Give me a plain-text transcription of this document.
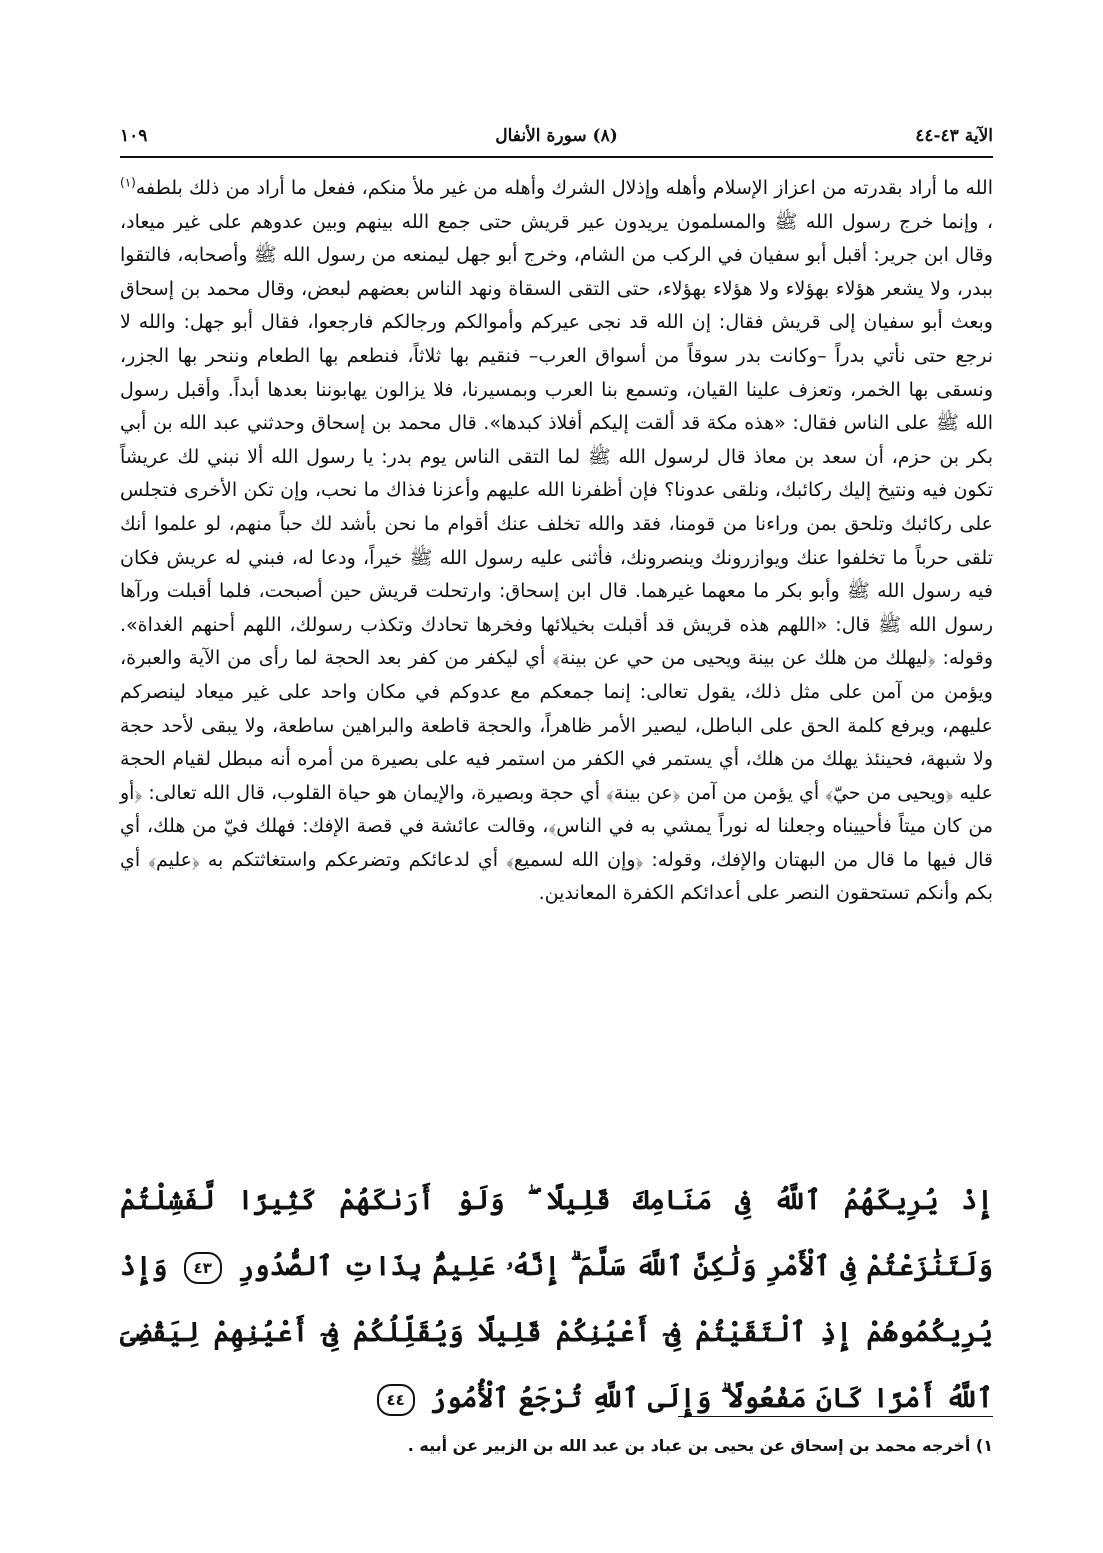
الآية ٤٣-٤٤
(٨) سورة الأنفال
١٠٩

الله ما أراد بقدرته من اعزاز الإسلام وأهله وإذلال الشرك وأهله من غير ملأ منكم، ففعل ما أراد من ذلك بلطفه$^{(١)}$ ، وإنما خرج رسول الله ﷺ والمسلمون يريدون عير قريش حتى جمع الله بينهم وبين عدوهم على غير ميعاد، وقال ابن جرير: أقبل أبو سفيان في الركب من الشام، وخرج أبو جهل ليمنعه من رسول الله ﷺ وأصحابه، فالتقوا ببدر، ولا يشعر هؤلاء بهؤلاء ولا هؤلاء بهؤلاء، حتى التقى السقاة ونهد الناس بعضهم لبعض، وقال محمد بن إسحاق وبعث أبو سفيان إلى قريش فقال: إن الله قد نجى عيركم وأموالكم ورجالكم فارجعوا، فقال أبو جهل: والله لا نرجع حتى نأتي بدراً –وكانت بدر سوقاً من أسواق العرب– فنقيم بها ثلاثاً، فنطعم بها الطعام وننحر بها الجزر، ونسقى بها الخمر، وتعزف علينا القيان، وتسمع بنا العرب وبمسيرنا، فلا يزالون يهابوننا بعدها أبداً. وأقبل رسول الله ﷺ على الناس فقال: «هذه مكة قد ألقت إليكم أفلاذ كبدها». قال محمد بن إسحاق وحدثني عبد الله بن أبي بكر بن حزم، أن سعد بن معاذ قال لرسول الله ﷺ لما التقى الناس يوم بدر: يا رسول الله ألا نبني لك عريشاً تكون فيه ونتيخ إليك ركائبك، ونلقى عدونا؟ فإن أظفرنا الله عليهم وأعزنا فذاك ما نحب، وإن تكن الأخرى فتجلس على ركائبك وتلحق بمن وراءنا من قومنا، فقد والله تخلف عنك أقوام ما نحن بأشد لك حباً منهم، لو علموا أنك تلقى حرباً ما تخلفوا عنك ويوازرونك وينصرونك، فأثنى عليه رسول الله ﷺ خيراً، ودعا له، فبني له عريش فكان فيه رسول الله ﷺ وأبو بكر ما معهما غيرهما. قال ابن إسحاق: وارتحلت قريش حين أصبحت، فلما أقبلت ورآها رسول الله ﷺ قال: «اللهم هذه قريش قد أقبلت بخيلائها وفخرها تحادك وتكذب رسولك، اللهم أحنهم الغداة». وقوله: ﴿ليهلك من هلك عن بينة ويحيى من حي عن بينة﴾ أي ليكفر من كفر بعد الحجة لما رأى من الآية والعبرة، ويؤمن من آمن على مثل ذلك، يقول تعالى: إنما جمعكم مع عدوكم في مكان واحد على غير ميعاد لينصركم عليهم، ويرفع كلمة الحق على الباطل، ليصير الأمر ظاهراً، والحجة قاطعة والبراهين ساطعة، ولا يبقى لأحد حجة ولا شبهة، فحينئذ يهلك من هلك، أي يستمر في الكفر من استمر فيه على بصيرة من أمره أنه مبطل لقيام الحجة عليه ﴿ويحيى من حيّ﴾ أي يؤمن من آمن ﴿عن بينة﴾ أي حجة وبصيرة، والإيمان هو حياة القلوب، قال الله تعالى: ﴿أو من كان ميتاً فأحييناه وجعلنا له نوراً يمشي به في الناس﴾، وقالت عائشة في قصة الإفك: فهلك فيّ من هلك، أي قال فيها ما قال من البهتان والإفك، وقوله: ﴿وإن الله لسميع﴾ أي لدعائكم وتضرعكم واستغاثتكم به ﴿عليم﴾ أي بكم وأنكم تستحقون النصر على أعدائكم الكفرة المعاندين.

إِذْ يُرِيكَهُمُ ٱللَّهُ فِى مَنَامِكَ قَلِيلًا ۖ وَلَوْ أَرَىٰكَهُمْ كَثِيرًا لَّفَشِلْتُمْ وَلَتَنَٰزَعْتُمْ فِى ٱلْأَمْرِ وَلَٰكِنَّ ٱللَّهَ سَلَّمَ ۗ إِنَّهُۥ عَلِيمٌۢ بِذَاتِ ٱلصُّدُورِ ٤٣ وَإِذْ يُرِيكُمُوهُمْ إِذِ ٱلْتَقَيْتُمْ فِىٓ أَعْيُنِكُمْ قَلِيلًا وَيُقَلِّلُكُمْ فِىٓ أَعْيُنِهِمْ لِيَقْضِىَ ٱللَّهُ أَمْرًا كَانَ مَفْعُولًا ۗ وَإِلَى ٱللَّهِ تُرْجَعُ ٱلْأُمُورُ ٤٤
١) أخرجه محمد بن إسحاق عن يحيى بن عباد بن عبد الله بن الزبير عن أبيه .
